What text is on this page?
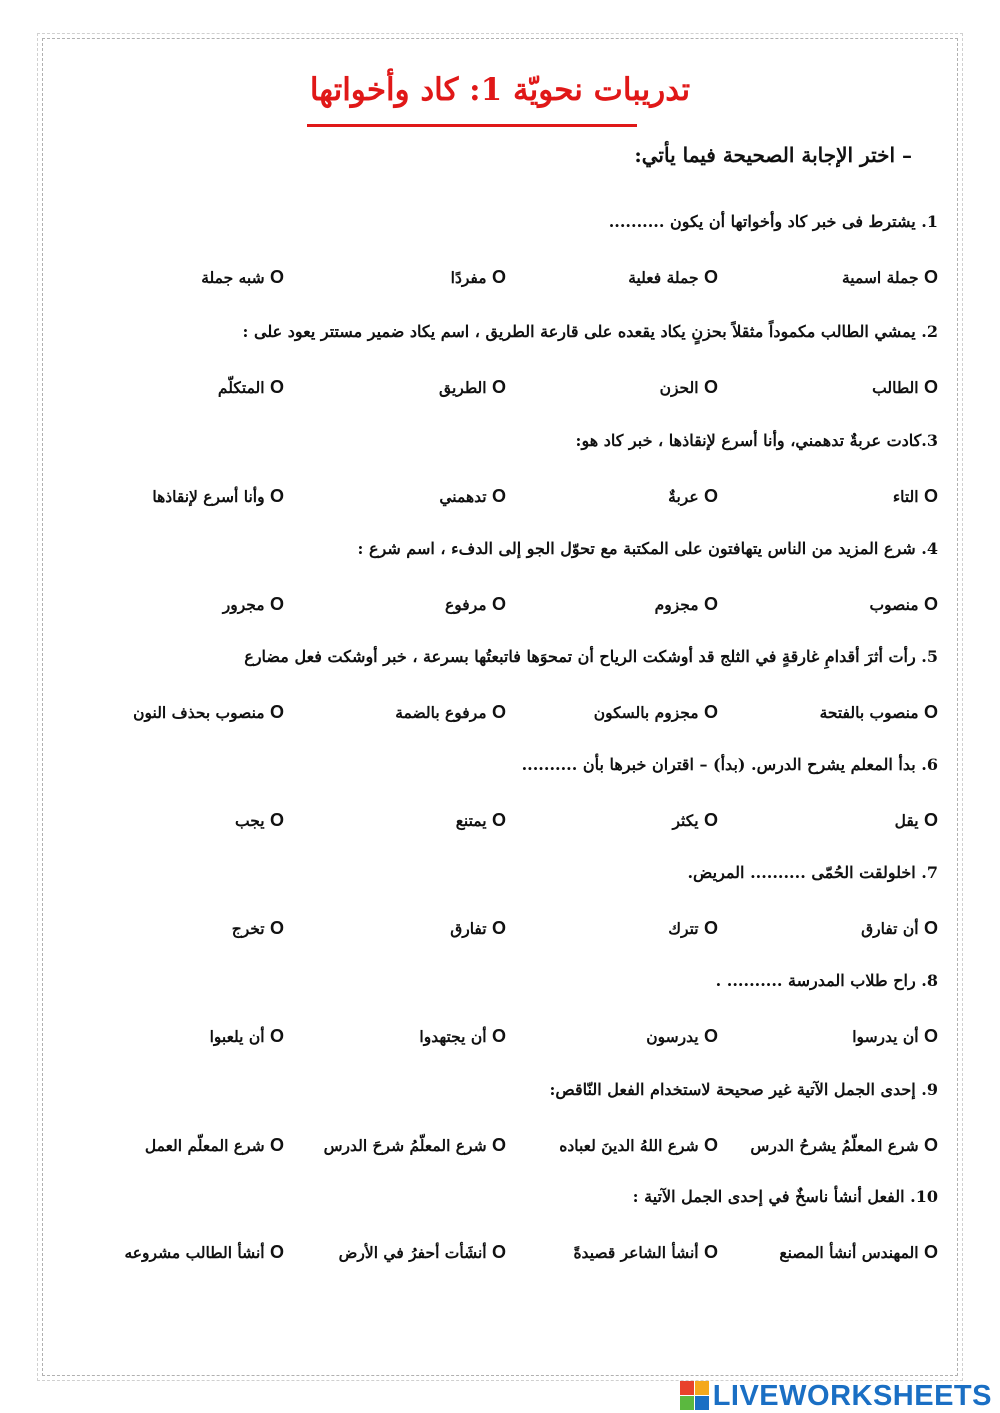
تدريبات نحويّة 1: كاد وأخواتها
– اختر الإجابة الصحيحة فيما يأتي:
1. يشترط فى خبر كاد وأخواتها أن يكون ..........
O جملة اسمية
O جملة فعلية
O مفردًا
O شبه جملة
2. يمشي الطالب مكموداً مثقلاً بحزنٍ يكاد يقعده على قارعة الطريق ، اسم يكاد ضمير مستتر يعود على :
O الطالب
O الحزن
O الطريق
O المتكلّم
3.كادت عربةٌ تدهمني، وأنا أسرع لإنقاذها ، خبر كاد هو:
O التاء
O عربةٌ
O تدهمني
O وأنا أسرع لإنقاذها
4. شرع المزيد من الناس يتهافتون على المكتبة مع تحوّل الجو إلى الدفء ، اسم شرع :
O منصوب
O مجزوم
O مرفوع
O مجرور
5. رأت أثرَ أقدامِ غارقةٍ في الثلج قد أوشكت الرياح أن تمحوَها فاتبعتُها بسرعة ، خبر أوشكت فعل مضارع
O منصوب بالفتحة
O مجزوم بالسكون
O مرفوع بالضمة
O منصوب بحذف النون
6. بدأ المعلم يشرح الدرس. (بدأ) – اقتران خبرها بأن ..........
O يقل
O يكثر
O يمتنع
O يجب
7. اخلولقت الحُمّى .......... المريض.
O أن تفارق
O تترك
O تفارق
O تخرج
8. راح طلاب المدرسة .......... .
O أن يدرسوا
O يدرسون
O أن يجتهدوا
O أن يلعبوا
9. إحدى الجمل الآتية غير صحيحة لاستخدام الفعل النّاقص:
O شرع المعلّمُ يشرحُ الدرس
O شرع اللهُ الدينَ لعباده
O شرع المعلّمُ شرحَ الدرس
O شرع المعلّم العمل
10. الفعل أنشأ ناسخٌ في إحدى الجمل الآتية :
O المهندس أنشأ المصنع
O أنشأ الشاعر قصيدةً
O أنشَأت أحفرُ في الأرض
O أنشأ الطالب مشروعه
LIVEWORKSHEETS
